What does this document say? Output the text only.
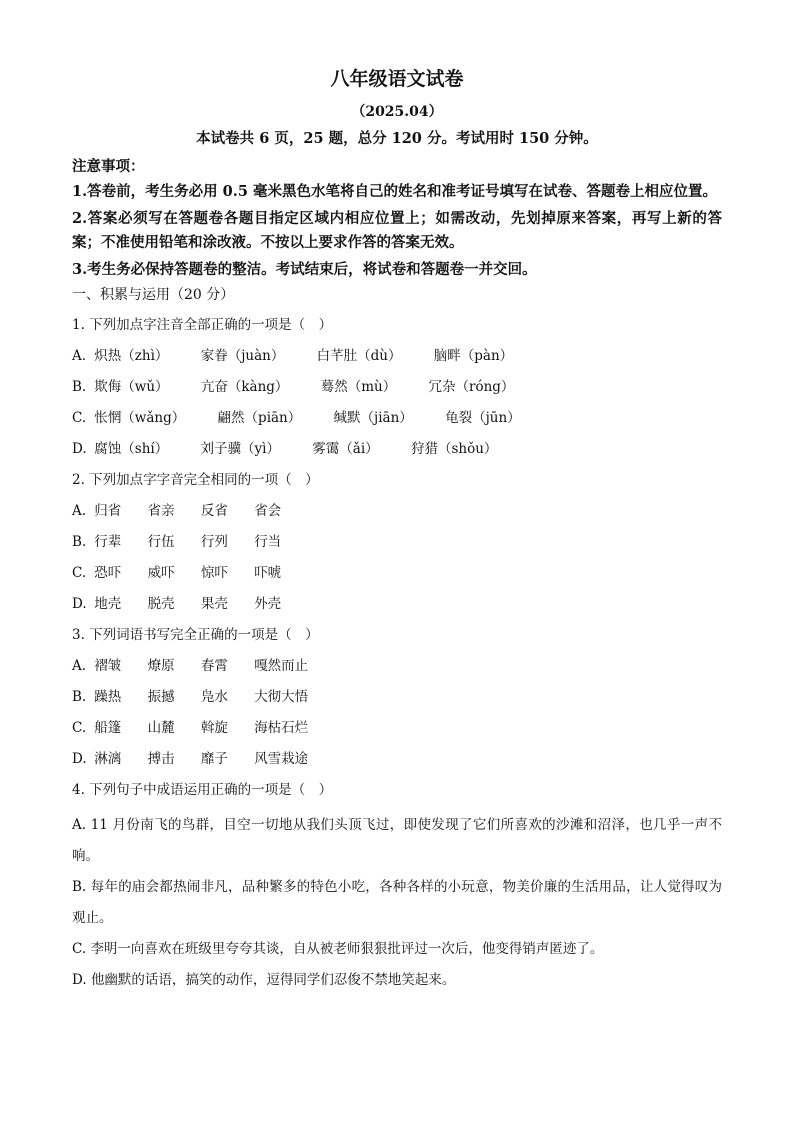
八年级语文试卷
（2025.04）
本试卷共 6 页，25 题，总分 120 分。考试用时 150 分钟。
注意事项：
1.答卷前，考生务必用 0.5 毫米黑色水笔将自己的姓名和准考证号填写在试卷、答题卷上相应位置。
2.答案必须写在答题卷各题目指定区域内相应位置上；如需改动，先划掉原来答案，再写上新的答案；不准使用铅笔和涂改液。不按以上要求作答的答案无效。
3.考生务必保持答题卷的整洁。考试结束后，将试卷和答题卷一并交回。
一、积累与运用（20 分）
1. 下列加点字注音全部正确的一项是（　）
A. 炽热（zhì） 家眷（juàn） 白芊肚（dù） 脑畔（pàn）
B. 欺侮（wǔ） 亢奋（kàng） 蓦然（mù） 冗杂（róng）
C. 怅惘（wǎng） 翩然（piān） 缄默（jiān） 龟裂（jūn）
D. 腐蚀（shí） 刘子骥（yì） 雾霭（ǎi） 狩猎（shǒu）
2. 下列加点字字音完全相同的一项（　）
A. 归省 省亲 反省 省会
B. 行辈 行伍 行列 行当
C. 恐吓 威吓 惊吓 吓唬
D. 地壳 脱壳 果壳 外壳
3. 下列词语书写完全正确的一项是（　）
A. 褶皱 燎原 春霄 嘎然而止
B. 躁热 振撼 凫水 大彻大悟
C. 船篷 山麓 斡旋 海枯石烂
D. 淋漓 搏击 靡子 风雪栽途
4. 下列句子中成语运用正确的一项是（　）
A. 11 月份南飞的鸟群，目空一切地从我们头顶飞过，即使发现了它们所喜欢的沙滩和沼泽，也几乎一声不响。
B. 每年的庙会都热闹非凡，品种繁多的特色小吃，各种各样的小玩意，物美价廉的生活用品，让人觉得叹为观止。
C. 李明一向喜欢在班级里夸夸其谈，自从被老师狠狠批评过一次后，他变得销声匿迹了。
D. 他幽默的话语，搞笑的动作，逗得同学们忍俊不禁地笑起来。
